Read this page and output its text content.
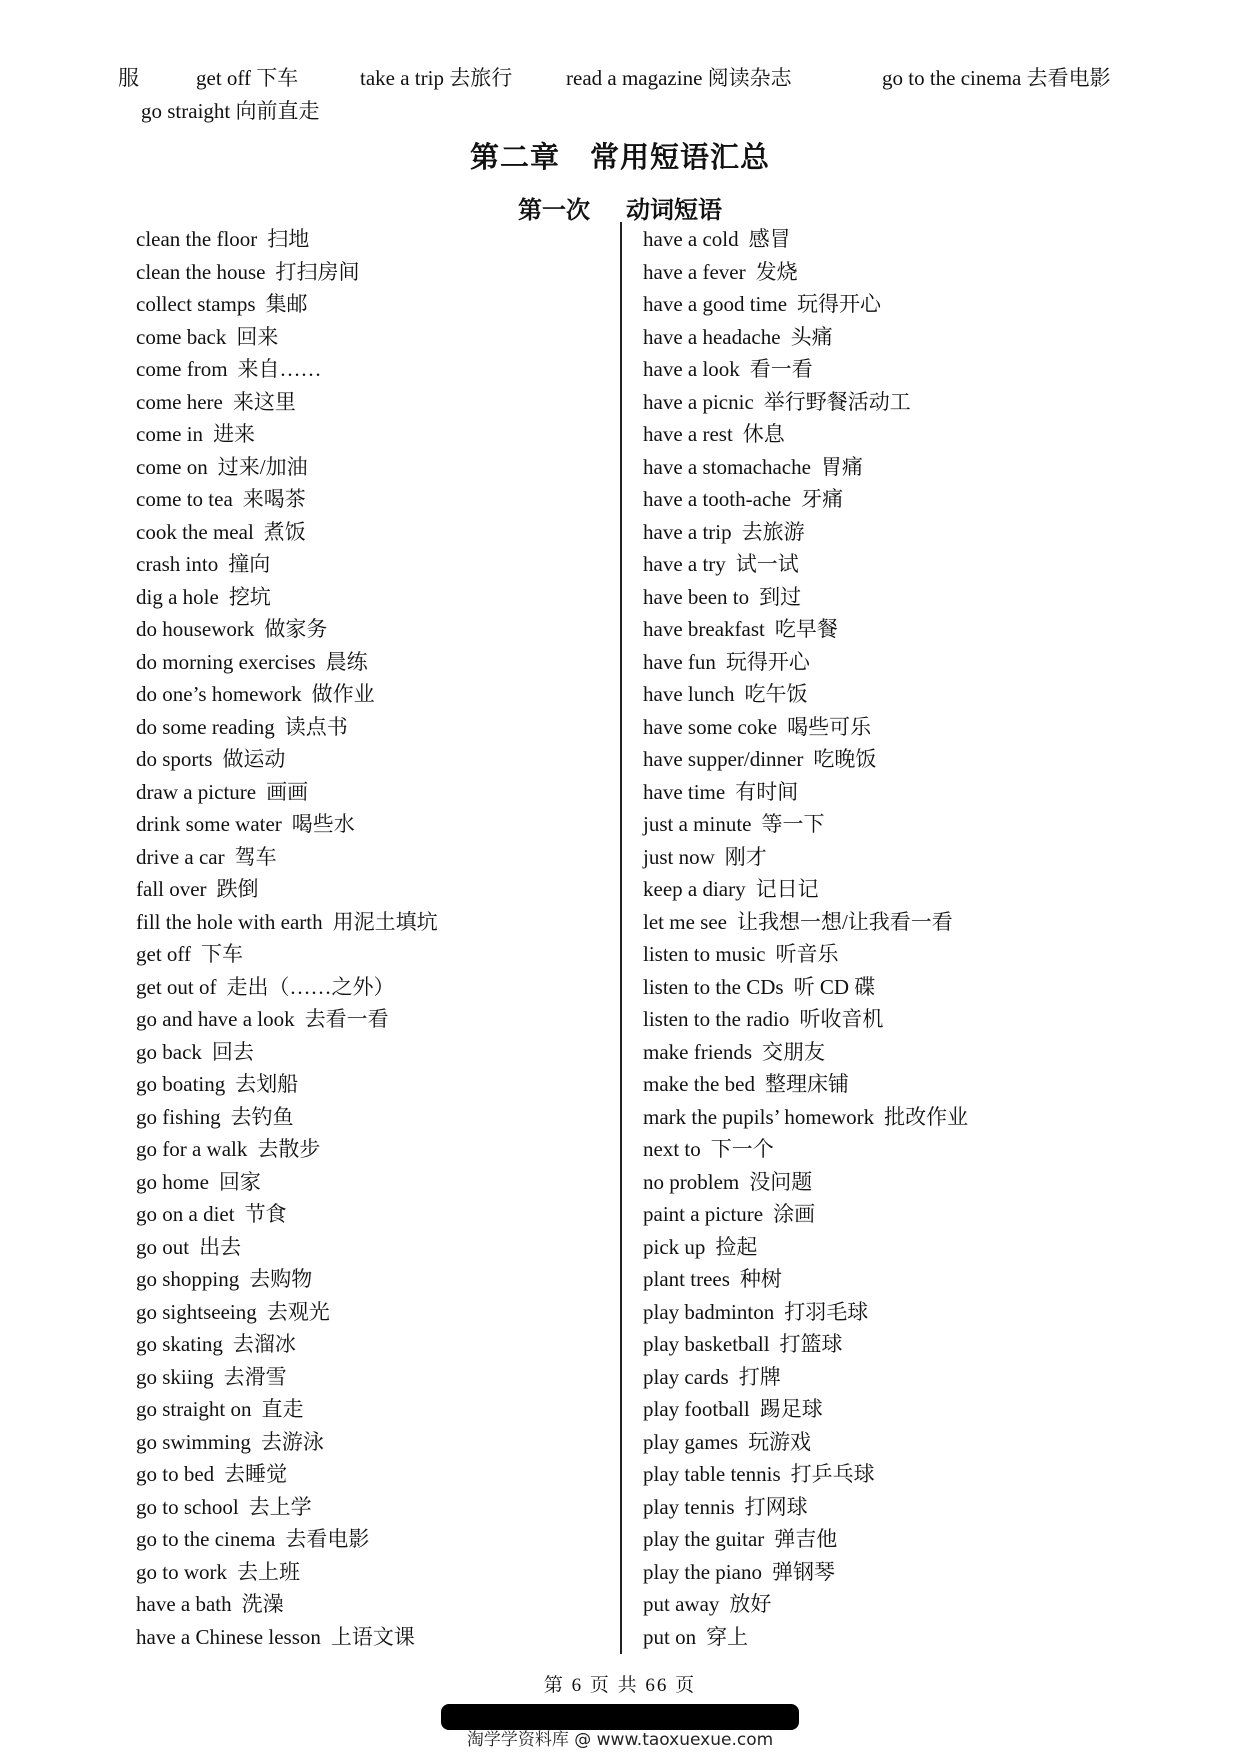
服	get off 下车	take a trip 去旅行	read a magazine 阅读杂志	go to the cinema 去看电影
go straight 向前直走
第二章　常用短语汇总
第一次 动词短语
clean the floor 扫地
clean the house 打扫房间
collect stamps 集邮
come back 回来
come from 来自……
come here 来这里
come in 进来
come on 过来/加油
come to tea 来喝茶
cook the meal 煮饭
crash into 撞向
dig a hole 挖坑
do housework 做家务
do morning exercises 晨练
do one’s homework 做作业
do some reading 读点书
do sports 做运动
draw a picture 画画
drink some water 喝些水
drive a car 驾车
fall over 跌倒
fill the hole with earth 用泥土填坑
get off 下车
get out of 走出（……之外）
go and have a look 去看一看
go back 回去
go boating 去划船
go fishing 去钓鱼
go for a walk 去散步
go home 回家
go on a diet 节食
go out 出去
go shopping 去购物
go sightseeing 去观光
go skating 去溜冰
go skiing 去滑雪
go straight on 直走
go swimming 去游泳
go to bed 去睡觉
go to school 去上学
go to the cinema 去看电影
go to work 去上班
have a bath 洗澡
have a Chinese lesson 上语文课
have a cold 感冒
have a fever 发烧
have a good time 玩得开心
have a headache 头痛
have a look 看一看
have a picnic 举行野餐活动工
have a rest 休息
have a stomachache 胃痛
have a tooth-ache 牙痛
have a trip 去旅游
have a try 试一试
have been to 到过
have breakfast 吃早餐
have fun 玩得开心
have lunch 吃午饭
have some coke 喝些可乐
have supper/dinner 吃晚饭
have time 有时间
just a minute 等一下
just now 刚才
keep a diary 记日记
let me see 让我想一想/让我看一看
listen to music 听音乐
listen to the CDs 听 CD 碟
listen to the radio 听收音机
make friends 交朋友
make the bed 整理床铺
mark the pupils’ homework 批改作业
next to 下一个
no problem 没问题
paint a picture 涂画
pick up 捡起
plant trees 种树
play badminton 打羽毛球
play basketball 打篮球
play cards 打牌
play football 踢足球
play games 玩游戏
play table tennis 打乒乓球
play tennis 打网球
play the guitar 弹吉他
play the piano 弹钢琴
put away 放好
put on 穿上
第 6 页 共 66 页
淘学学资料库 @ www.taoxuexue.com
